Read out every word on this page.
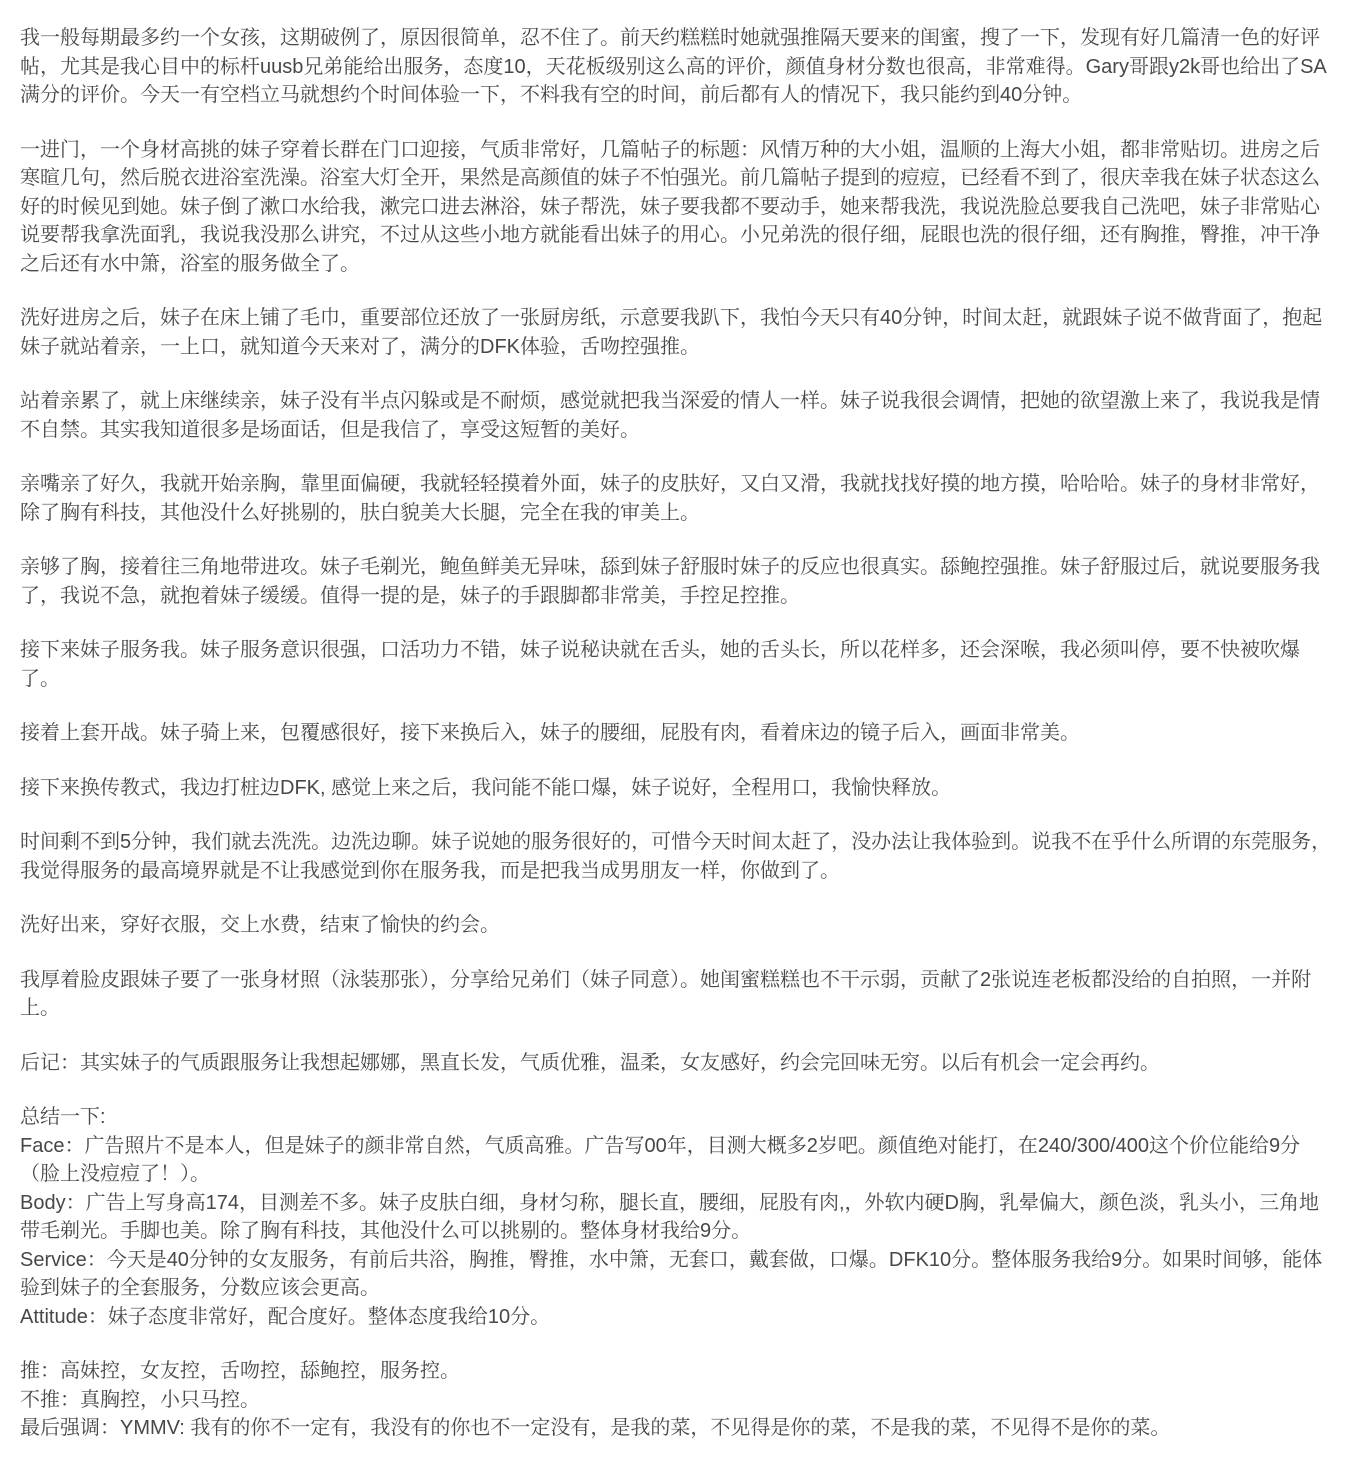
我一般每期最多约一个女孩，这期破例了，原因很简单，忍不住了。前天约糕糕时她就强推隔天要来的闺蜜，搜了一下，发现有好几篇清一色的好评帖，尤其是我心目中的标杆uusb兄弟能给出服务，态度10，天花板级别这么高的评价，颜值身材分数也很高，非常难得。Gary哥跟y2k哥也给出了SA满分的评价。今天一有空档立马就想约个时间体验一下，不料我有空的时间，前后都有人的情况下，我只能约到40分钟。

一进门，一个身材高挑的妹子穿着长群在门口迎接，气质非常好，几篇帖子的标题：风情万种的大小姐，温顺的上海大小姐，都非常贴切。进房之后寒暄几句，然后脱衣进浴室洗澡。浴室大灯全开，果然是高颜值的妹子不怕强光。前几篇帖子提到的痘痘，已经看不到了，很庆幸我在妹子状态这么好的时候见到她。妹子倒了漱口水给我，漱完口进去淋浴，妹子帮洗，妹子要我都不要动手，她来帮我洗，我说洗脸总要我自己洗吧，妹子非常贴心说要帮我拿洗面乳，我说我没那么讲究，不过从这些小地方就能看出妹子的用心。小兄弟洗的很仔细，屁眼也洗的很仔细，还有胸推，臀推，冲干净之后还有水中箫，浴室的服务做全了。

洗好进房之后，妹子在床上铺了毛巾，重要部位还放了一张厨房纸，示意要我趴下，我怕今天只有40分钟，时间太赶，就跟妹子说不做背面了，抱起妹子就站着亲，一上口，就知道今天来对了，满分的DFK体验，舌吻控强推。

站着亲累了，就上床继续亲，妹子没有半点闪躲或是不耐烦，感觉就把我当深爱的情人一样。妹子说我很会调情，把她的欲望激上来了，我说我是情不自禁。其实我知道很多是场面话，但是我信了，享受这短暂的美好。

亲嘴亲了好久，我就开始亲胸，靠里面偏硬，我就轻轻摸着外面，妹子的皮肤好，又白又滑，我就找找好摸的地方摸，哈哈哈。妹子的身材非常好，除了胸有科技，其他没什么好挑剔的，肤白貌美大长腿，完全在我的审美上。

亲够了胸，接着往三角地带进攻。妹子毛剃光，鲍鱼鲜美无异味，舔到妹子舒服时妹子的反应也很真实。舔鲍控强推。妹子舒服过后，就说要服务我了，我说不急，就抱着妹子缓缓。值得一提的是，妹子的手跟脚都非常美，手控足控推。

接下来妹子服务我。妹子服务意识很强，口活功力不错，妹子说秘诀就在舌头，她的舌头长，所以花样多，还会深喉，我必须叫停，要不快被吹爆了。

接着上套开战。妹子骑上来，包覆感很好，接下来换后入，妹子的腰细，屁股有肉，看着床边的镜子后入，画面非常美。

接下来换传教式，我边打桩边DFK, 感觉上来之后，我问能不能口爆，妹子说好，全程用口，我愉快释放。

时间剩不到5分钟，我们就去洗洗。边洗边聊。妹子说她的服务很好的，可惜今天时间太赶了，没办法让我体验到。说我不在乎什么所谓的东莞服务，我觉得服务的最高境界就是不让我感觉到你在服务我，而是把我当成男朋友一样，你做到了。

洗好出来，穿好衣服，交上水费，结束了愉快的约会。

我厚着脸皮跟妹子要了一张身材照（泳装那张），分享给兄弟们（妹子同意）。她闺蜜糕糕也不干示弱，贡献了2张说连老板都没给的自拍照，一并附上。

后记：其实妹子的气质跟服务让我想起娜娜，黑直长发，气质优雅，温柔，女友感好，约会完回味无穷。以后有机会一定会再约。

总结一下:
Face：广告照片不是本人，但是妹子的颜非常自然，气质高雅。广告写00年，目测大概多2岁吧。颜值绝对能打，在240/300/400这个价位能给9分（脸上没痘痘了！）。
Body：广告上写身高174，目测差不多。妹子皮肤白细，身材匀称，腿长直，腰细，屁股有肉,，外软内硬D胸，乳晕偏大，颜色淡，乳头小，三角地带毛剃光。手脚也美。除了胸有科技，其他没什么可以挑剔的。整体身材我给9分。
Service：今天是40分钟的女友服务，有前后共浴，胸推，臀推，水中箫，无套口，戴套做，口爆。DFK10分。整体服务我给9分。如果时间够，能体验到妹子的全套服务，分数应该会更高。
Attitude：妹子态度非常好，配合度好。整体态度我给10分。
推：高妹控，女友控，舌吻控，舔鲍控，服务控。
不推：真胸控，小只马控。
最后强调：YMMV: 我有的你不一定有，我没有的你也不一定没有，是我的菜，不见得是你的菜，不是我的菜，不见得不是你的菜。
